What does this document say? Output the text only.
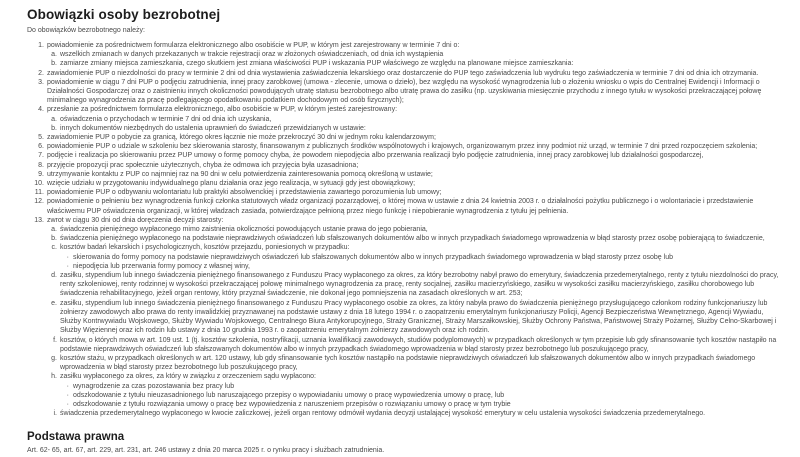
Obowiązki osoby bezrobotnej

Do obowiązków bezrobotnego należy:

1. powiadomienie za pośrednictwem formularza elektronicznego albo osobiście w PUP, w którym jest zarejestrowany w terminie 7 dni o:
a. wszelkich zmianach w danych przekazanych w trakcie rejestracji oraz w złożonych oświadczeniach, od dnia ich wystąpienia
b. zamiarze zmiany miejsca zamieszkania, czego skutkiem jest zmiana właściwości PUP i wskazania PUP właściwego ze względu na planowane miejsce zamieszkania:
2. zawiadomienie PUP o niezdolności do pracy w terminie 2 dni od dnia wystawienia zaświadczenia lekarskiego oraz dostarczenie do PUP tego zaświadczenia lub wydruku tego zaświadczenia w terminie 7 dni od dnia ich otrzymania.
3. powiadomienie w ciągu 7 dni PUP o podjęciu zatrudnienia, innej pracy zarobkowej (umowa - zlecenie, umowa o dzieło), bez względu na wysokość wynagrodzenia lub o złożeniu wniosku o wpis do Centralnej Ewidencji i Informacji o Działalności Gospodarczej oraz o zaistnieniu innych okoliczności powodujących utratę statusu bezrobotnego albo utratę prawa do zasiłku (np. uzyskiwania miesięcznie przychodu z innego tytułu w wysokości przekraczającej połowę minimalnego wynagrodzenia za pracę podlegającego opodatkowaniu podatkiem dochodowym od osób fizycznych);
4. przesłanie za pośrednictwem formularza elektronicznego, albo osobiście w PUP, w którym jesteś zarejestrowany:
a. oświadczenia o przychodach w terminie 7 dni od dnia ich uzyskania,
b. innych dokumentów niezbędnych do ustalenia uprawnień do świadczeń przewidzianych w ustawie:
5. zawiadomienie PUP o pobycie za granicą, którego okres łącznie nie może przekroczyć 30 dni w jednym roku kalendarzowym;
6. powiadomienie PUP o udziale w szkoleniu bez skierowania starosty, finansowanym z publicznych środków wspólnotowych i krajowych, organizowanym przez inny podmiot niż urząd, w terminie 7 dni przed rozpoczęciem szkolenia;
7. podjęcie i realizacja po skierowaniu przez PUP umowy o formę pomocy chyba, że powodem niepodjęcia albo przerwania realizacji było podjęcie zatrudnienia, innej pracy zarobkowej lub działalności gospodarczej,
8. przyjęcie propozycji prac społecznie użytecznych, chyba że odmowa ich przyjęcia była uzasadniona;
9. utrzymywanie kontaktu z PUP co najmniej raz na 90 dni w celu potwierdzenia zainteresowania pomocą określoną w ustawie;
10. wzięcie udziału w przygotowaniu indywidualnego planu działania oraz jego realizacja, w sytuacji gdy jest obowiązkowy;
11. powiadomienie PUP o odbywaniu wolontariatu lub praktyki absolwenckiej i przedstawienia zawartego porozumienia lub umowy;
12. powiadomienie o pełnieniu bez wynagrodzenia funkcji członka statutowych władz organizacji pozarządowej, o której mowa w ustawie z dnia 24 kwietnia 2003 r. o działalności pożytku publicznego i o wolontariacie i przedstawienie właściwemu PUP oświadczenia organizacji, w której władzach zasiada, potwierdzające pełnioną przez niego funkcję i niepobieranie wynagrodzenia z tytułu jej pełnienia.
13. zwrot w ciągu 30 dni od dnia doręczenia decyzji starosty:
a. świadczenia pieniężnego wypłaconego mimo zaistnienia okoliczności powodujących ustanie prawa do jego pobierania,
b. świadczenia pieniężnego wypłaconego na podstawie nieprawdziwych oświadczeń lub sfałszowanych dokumentów albo w innych przypadkach świadomego wprowadzenia w błąd starosty przez osobę pobierającą to świadczenie,
c. kosztów badań lekarskich i psychologicznych, kosztów przejazdu, poniesionych w przypadku:
· skierowania do formy pomocy na podstawie nieprawdziwych oświadczeń lub sfałszowanych dokumentów albo w innych przypadkach świadomego wprowadzenia w błąd starosty przez osobę lub
· niepodjęcia lub przerwania formy pomocy z własnej winy,
d. zasiłku, stypendium lub innego świadczenia pieniężnego finansowanego z Funduszu Pracy wypłaconego za okres, za który bezrobotny nabył prawo do emerytury, świadczenia przedemerytalnego, renty z tytułu niezdolności do pracy, renty szkoleniowej, renty rodzinnej w wysokości przekraczającej połowę minimalnego wynagrodzenia za pracę, renty socjalnej, zasiłku macierzyńskiego, zasiłku w wysokości zasiłku macierzyńskiego, zasiłku chorobowego lub świadczenia rehabilitacyjnego, jeżeli organ rentowy, który przyznał świadczenie, nie dokonał jego pomniejszenia na zasadach określonych w art. 253;
e. zasiłku, stypendium lub innego świadczenia pieniężnego finansowanego z Funduszu Pracy wypłaconego osobie za okres, za który nabyła prawo do świadczenia pieniężnego przysługującego członkom rodziny funkcjonariuszy lub żołnierzy zawodowych albo prawa do renty inwalidzkiej przyznawanej na podstawie ustawy z dnia 18 lutego 1994 r. o zaopatrzeniu emerytalnym funkcjonariuszy Policji, Agencji Bezpieczeństwa Wewnętrznego, Agencji Wywiadu, Służby Kontrwywiadu Wojskowego, Służby Wywiadu Wojskowego, Centralnego Biura Antykorupcyjnego, Straży Granicznej, Straży Marszałkowskiej, Służby Ochrony Państwa, Państwowej Straży Pożarnej, Służby Celno-Skarbowej i Służby Więziennej oraz ich rodzin lub ustawy z dnia 10 grudnia 1993 r. o zaopatrzeniu emerytalnym żołnierzy zawodowych oraz ich rodzin.
f. kosztów, o których mowa w art. 109 ust. 1 (tj. kosztów szkolenia, nostryfikacji, uznania kwalifikacji zawodowych, studiów podyplomowych) w przypadkach określonych w tym przepisie lub gdy sfinansowanie tych kosztów nastąpiło na podstawie nieprawdziwych oświadczeń lub sfałszowanych dokumentów albo w innych przypadkach świadomego wprowadzenia w błąd starosty przez bezrobotnego lub poszukującego pracy,
g. kosztów stażu, w przypadkach określonych w art. 120 ustawy, lub gdy sfinansowanie tych kosztów nastąpiło na podstawie nieprawdziwych oświadczeń lub sfałszowanych dokumentów albo w innych przypadkach świadomego wprowadzenia w błąd starosty przez bezrobotnego lub poszukującego pracy,
h. zasiłku wypłaconego za okres, za który w związku z orzeczeniem sądu wypłacono:
· wynagrodzenie za czas pozostawania bez pracy lub
· odszkodowanie z tytułu nieuzasadnionego lub naruszającego przepisy o wypowiadaniu umowy o pracę wypowiedzenia umowy o pracę, lub
· odszkodowanie z tytułu rozwiązania umowy o pracę bez wypowiedzenia z naruszeniem przepisów o rozwiązaniu umowy o pracę w tym trybie
i. świadczenia przedemerytalnego wypłaconego w kwocie zaliczkowej, jeżeli organ rentowy odmówił wydania decyzji ustalającej wysokość emerytury w celu ustalenia wysokości świadczenia przedemerytalnego.
Podstawa prawna

Art. 62- 65, art. 67, art. 229, art. 231, art. 246 ustawy z dnia 20 marca 2025 r. o rynku pracy i służbach zatrudnienia.
